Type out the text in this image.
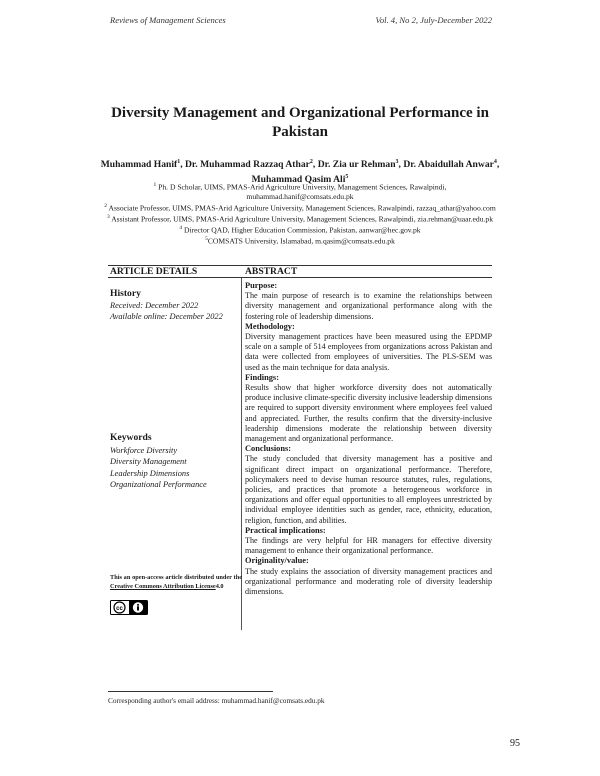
Reviews of Management Sciences	Vol. 4, No 2, July-December 2022
Diversity Management and Organizational Performance in Pakistan
Muhammad Hanif$^1$, Dr. Muhammad Razzaq Athar$^2$, Dr. Zia ur Rehman$^3$, Dr. Abaidullah Anwar$^4$, Muhammad Qasim Ali$^5$
$^1$ Ph. D Scholar, UIMS, PMAS-Arid Agriculture University, Management Sciences, Rawalpindi, muhammad.hanif@comsats.edu.pk
$^2$ Associate Professor, UIMS, PMAS-Arid Agriculture University, Management Sciences, Rawalpindi, razzaq_athar@yahoo.com
$^3$ Assistant Professor, UIMS, PMAS-Arid Agriculture University, Management Sciences, Rawalpindi, zia.rehman@uaar.edu.pk
$^4$ Director QAD, Higher Education Commission, Pakistan, aanwar@hec.gov.pk
$^5$COMSATS University, Islamabad, m.qasim@comsats.edu.pk
ARTICLE DETAILS	ABSTRACT
History
Received: December 2022
Available online: December 2022
Keywords
Workforce Diversity
Diversity Management
Leadership Dimensions
Organizational Performance
This an open-access article distributed under the Creative Commons Attribution License4.0
cc
Purpose:

The main purpose of research is to examine the relationships between diversity management and organizational performance along with the fostering role of leadership dimensions.

Methodology:

Diversity management practices have been measured using the EPDMP scale on a sample of 514 employees from organizations across Pakistan and data were collected from employees of universities. The PLS-SEM was used as the main technique for data analysis.

Findings:

Results show that higher workforce diversity does not automatically produce inclusive climate-specific diversity inclusive leadership dimensions are required to support diversity environment where employees feel valued and appreciated. Further, the results confirm that the diversity-inclusive leadership dimensions moderate the relationship between diversity management and organizational performance.

Conclusions:

The study concluded that diversity management has a positive and significant direct impact on organizational performance. Therefore, policymakers need to devise human resource statutes, rules, regulations, policies, and practices that promote a heterogeneous workforce in organizations and offer equal opportunities to all employees unrestricted by individual employee identities such as gender, race, ethnicity, education, religion, function, and abilities.

Practical implications:

The findings are very helpful for HR managers for effective diversity management to enhance their organizational performance.

Originality/value:

The study explains the association of diversity management practices and organizational performance and moderating role of diversity leadership dimensions.

Corresponding author's email address: muhammad.hanif@comsats.edu.pk
95
